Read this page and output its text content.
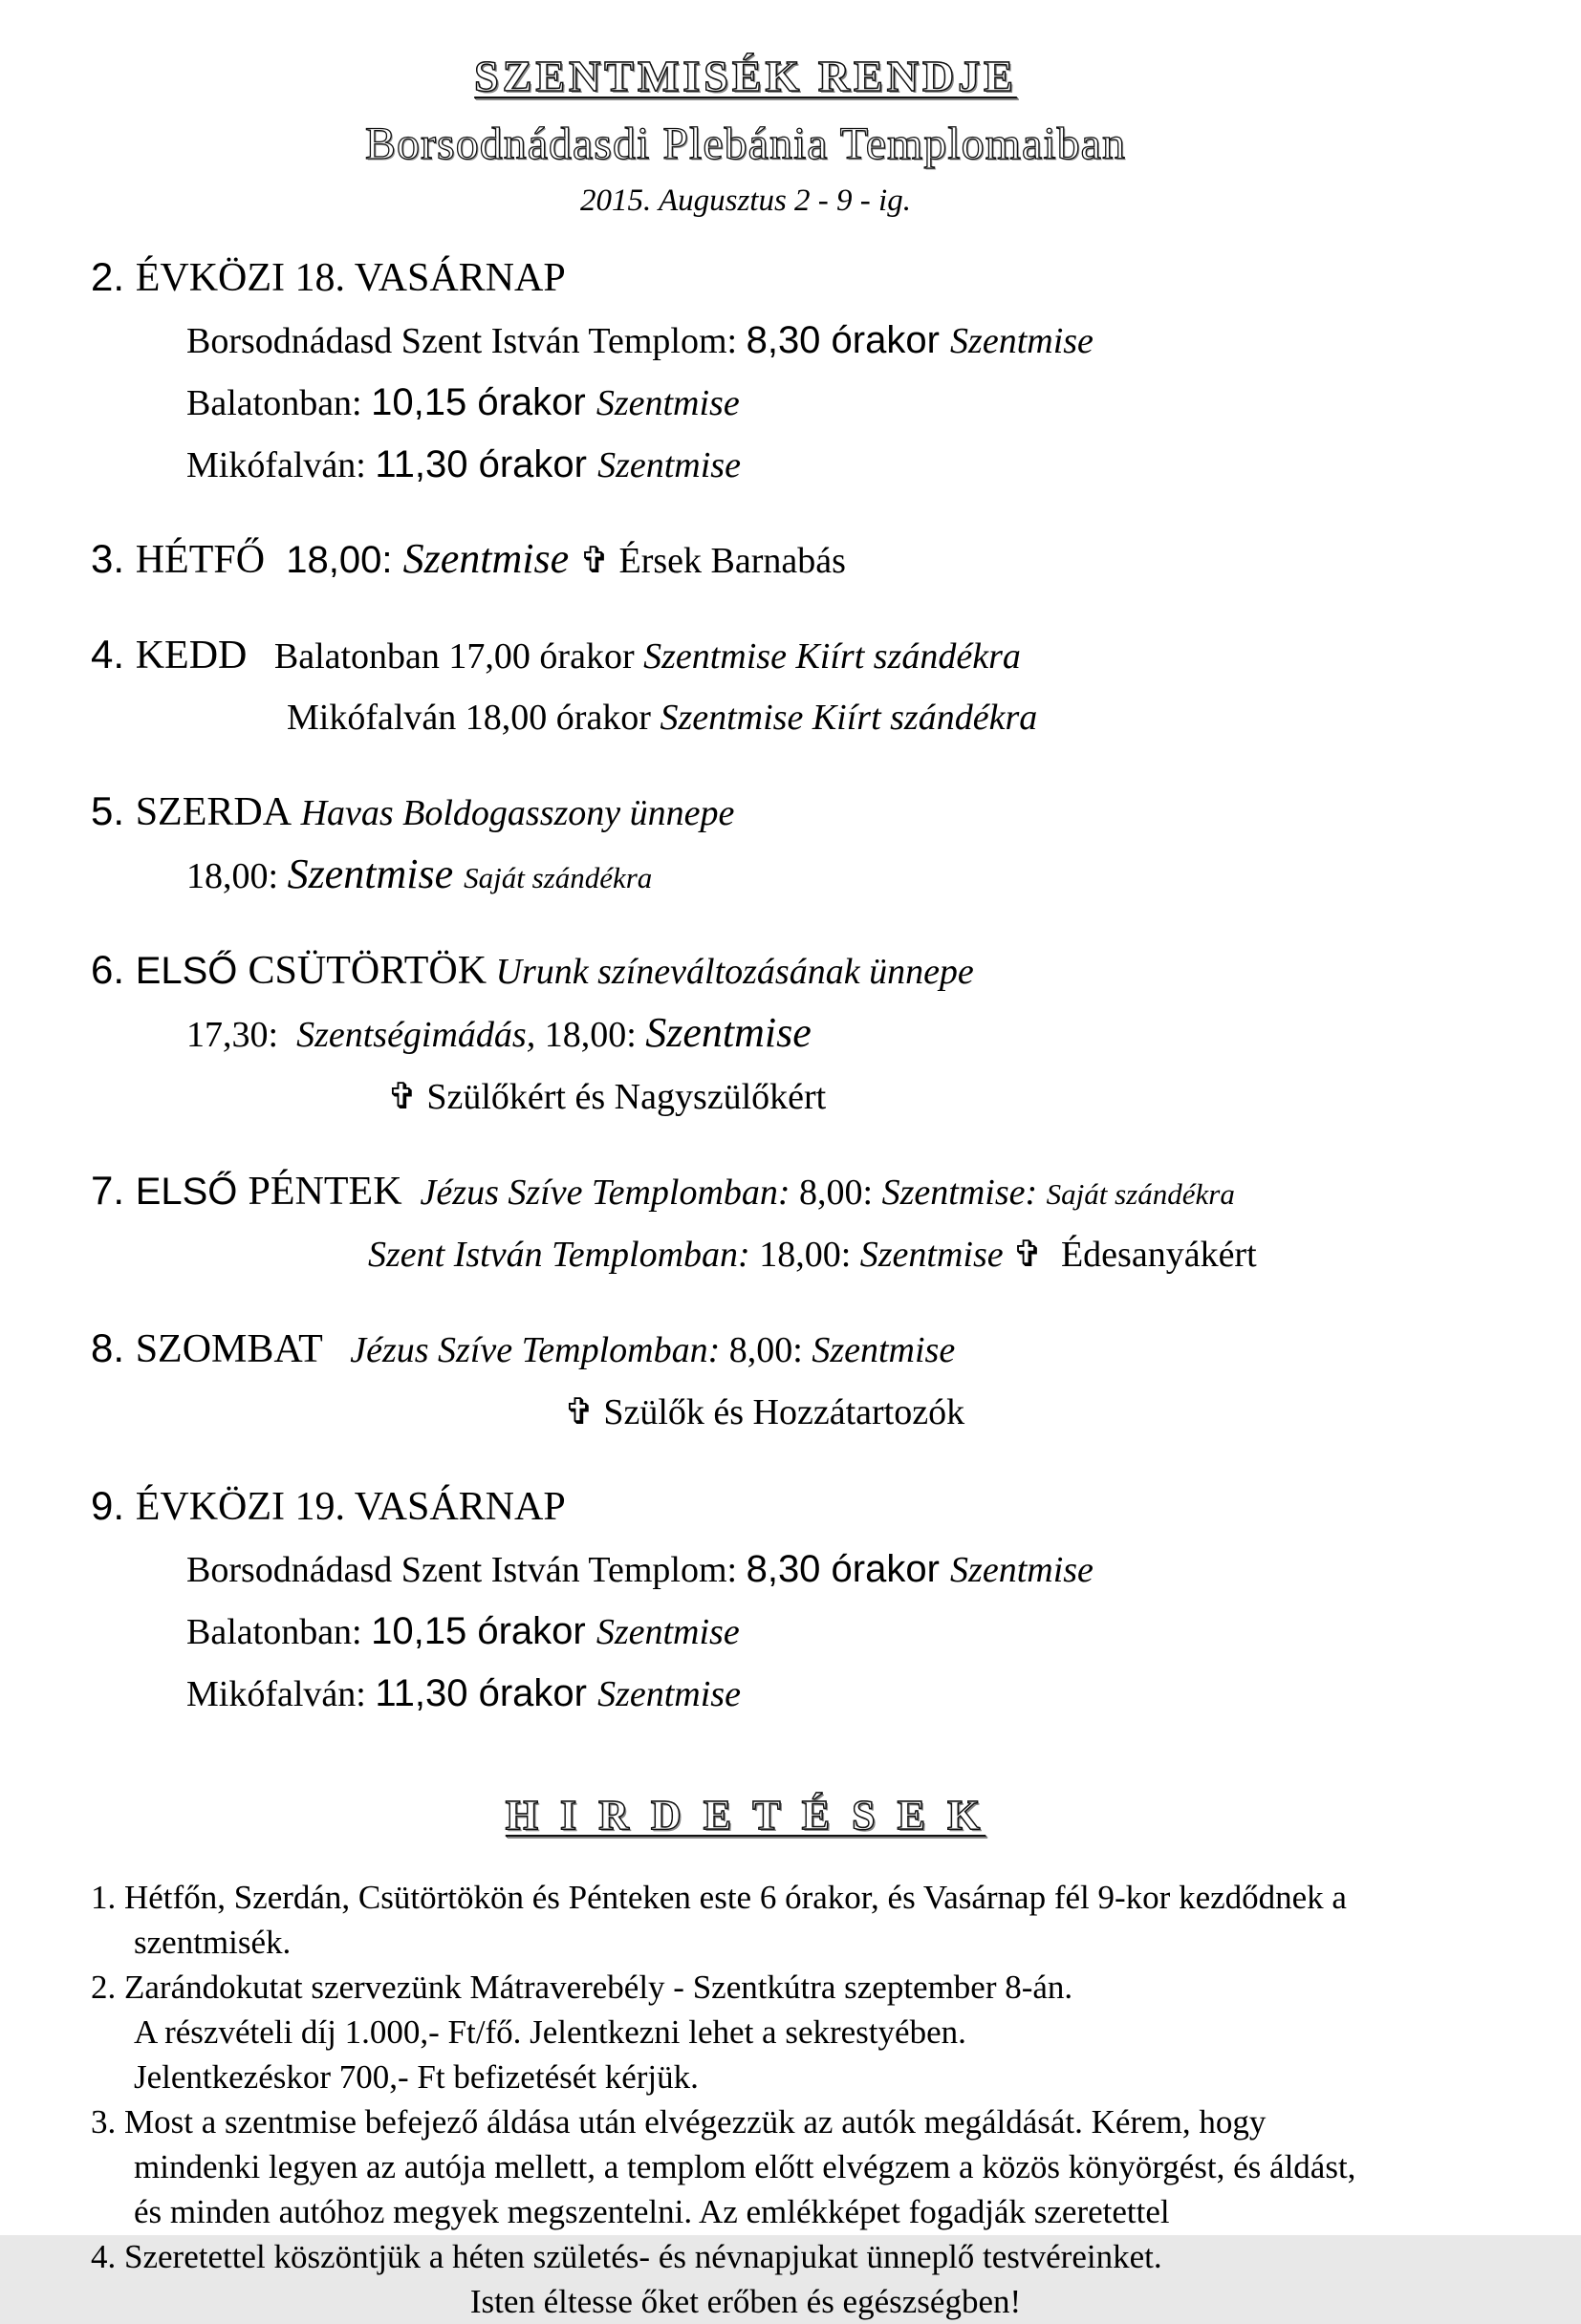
SZENTMISÉK RENDJE
Borsodnádasdi Plebánia Templomaiban
2015. Augusztus 2 - 9 - ig.
2. ÉVKÖZI 18. VASÁRNAP
Borsodnádasd Szent István Templom: 8,30 órakor Szentmise
Balatonban: 10,15 órakor Szentmise
Mikófalván: 11,30 órakor Szentmise
3. HÉTFŐ  18,00: Szentmise ✞ Érsek Barnabás
4. KEDD   Balatonban 17,00 órakor Szentmise Kiírt szándékra
Mikófalván 18,00 órakor Szentmise Kiírt szándékra
5. SZERDA Havas Boldogasszony ünnepe
18,00: Szentmise Saját szándékra
6. ELSŐ CSÜTÖRTÖK Urunk színeváltozásának ünnepe
17,30:  Szentségimádás, 18,00: Szentmise
✞ Szülőkért és Nagyszülőkért
7. ELSŐ PÉNTEK  Jézus Szíve Templomban: 8,00: Szentmise: Saját szándékra
Szent István Templomban: 18,00: Szentmise ✞  Édesanyákért
8. SZOMBAT   Jézus Szíve Templomban: 8,00: Szentmise
✞ Szülők és Hozzátartozók
9. ÉVKÖZI 19. VASÁRNAP
Borsodnádasd Szent István Templom: 8,30 órakor Szentmise
Balatonban: 10,15 órakor Szentmise
Mikófalván: 11,30 órakor Szentmise
H I R D E T É S E K
1. Hétfőn, Szerdán, Csütörtökön és Pénteken este 6 órakor, és Vasárnap fél 9-kor kezdődnek a
szentmisék.
2. Zarándokutat szervezünk Mátraverebély - Szentkútra szeptember 8-án.
A részvételi díj 1.000,- Ft/fő. Jelentkezni lehet a sekrestyében.
Jelentkezéskor 700,- Ft befizetését kérjük.
3. Most a szentmise befejező áldása után elvégezzük az autók megáldását. Kérem, hogy
mindenki legyen az autója mellett, a templom előtt elvégzem a közös könyörgést, és áldást,
és minden autóhoz megyek megszentelni. Az emlékképet fogadják szeretettel
4. Szeretettel köszöntjük a héten születés- és névnapjukat ünneplő testvéreinket.
Isten éltesse őket erőben és egészségben!
